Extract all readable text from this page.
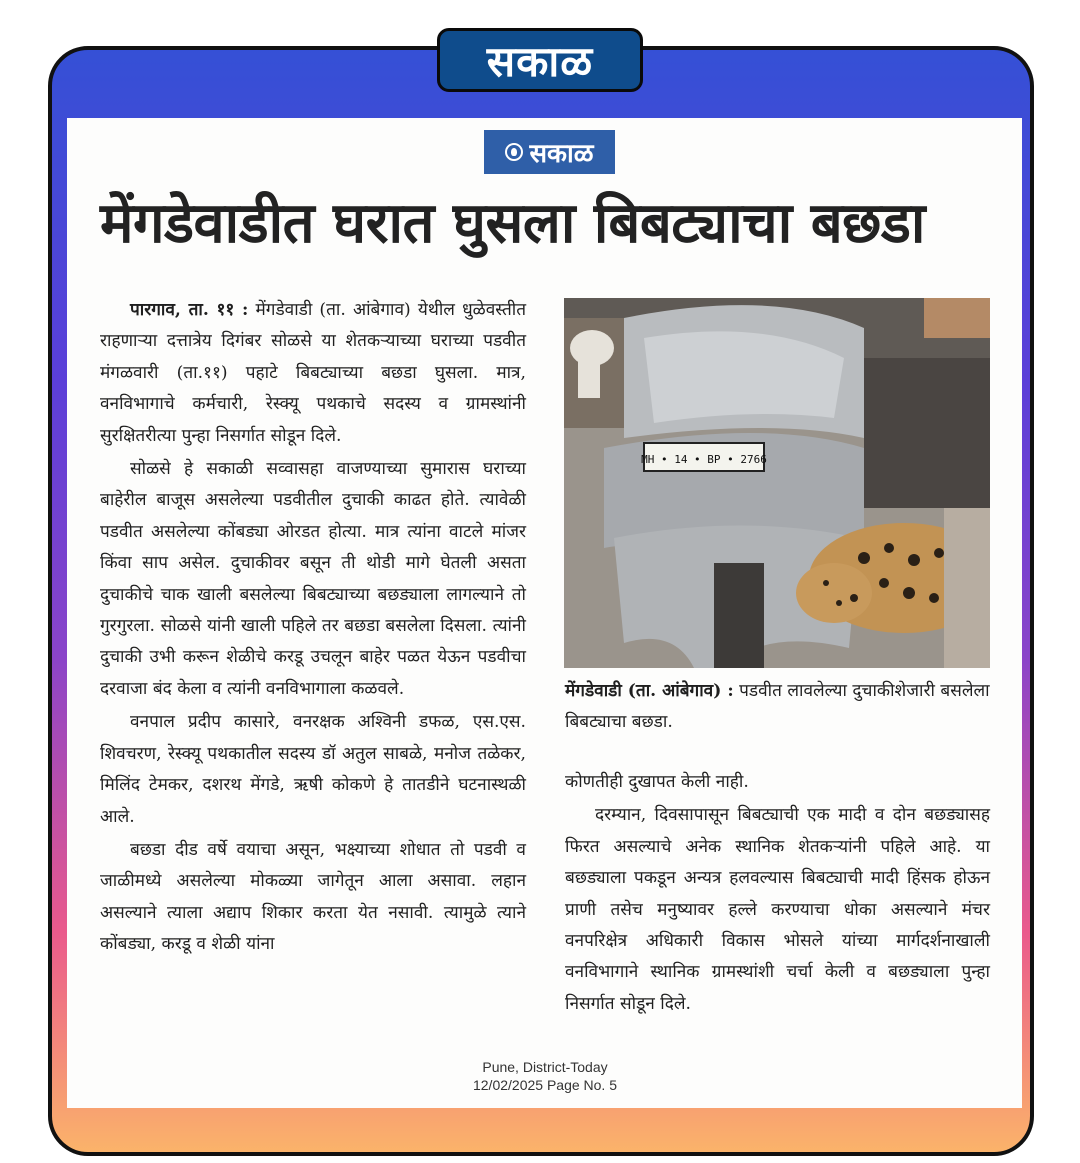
सकाळ
सकाळ
मेंगडेवाडीत घरात घुसला बिबट्याचा बछडा

पारगाव, ता. ११ : मेंगडेवाडी (ता. आंबेगाव) येथील धुळेवस्तीत राहणाऱ्या दत्तात्रेय दिगंबर सोळसे या शेतकऱ्याच्या घराच्या पडवीत मंगळवारी (ता.११) पहाटे बिबट्याच्या बछडा घुसला. मात्र, वनविभागाचे कर्मचारी, रेस्क्यू पथकाचे सदस्य व ग्रामस्थांनी सुरक्षितरीत्या पुन्हा निसर्गात सोडून दिले.

सोळसे हे सकाळी सव्वासहा वाजण्याच्या सुमारास घराच्या बाहेरील बाजूस असलेल्या पडवीतील दुचाकी काढत होते. त्यावेळी पडवीत असलेल्या कोंबड्या ओरडत होत्या. मात्र त्यांना वाटले मांजर किंवा साप असेल. दुचाकीवर बसून ती थोडी मागे घेतली असता दुचाकीचे चाक खाली बसलेल्या बिबट्याच्या बछड्याला लागल्याने तो गुरगुरला. सोळसे यांनी खाली पहिले तर बछडा बसलेला दिसला. त्यांनी दुचाकी उभी करून शेळीचे करडू उचलून बाहेर पळत येऊन पडवीचा दरवाजा बंद केला व त्यांनी वनविभागाला कळवले.

वनपाल प्रदीप कासारे, वनरक्षक अश्विनी डफळ, एस.एस. शिवचरण, रेस्क्यू पथकातील सदस्य डॉ अतुल साबळे, मनोज तळेकर, मिलिंद टेमकर, दशरथ मेंगडे, ऋषी कोकणे हे तातडीने घटनास्थळी आले.

बछडा दीड वर्षे वयाचा असून, भक्ष्याच्या शोधात तो पडवी व जाळीमध्ये असलेल्या मोकळ्या जागेतून आला असावा. लहान असल्याने त्याला अद्याप शिकार करता येत नसावी. त्यामुळे त्याने कोंबड्या, करडू व शेळी यांना

MH • 14 • BP • 2766
मेंगडेवाडी (ता. आंबेगाव) : पडवीत लावलेल्या दुचाकीशेजारी बसलेला बिबट्याचा बछडा.

कोणतीही दुखापत केली नाही.

दरम्यान, दिवसापासून बिबट्याची एक मादी व दोन बछड्यासह फिरत असल्याचे अनेक स्थानिक शेतकऱ्यांनी पहिले आहे. या बछड्याला पकडून अन्यत्र हलवल्यास बिबट्याची मादी हिंसक होऊन प्राणी तसेच मनुष्यावर हल्ले करण्याचा धोका असल्याने मंचर वनपरिक्षेत्र अधिकारी विकास भोसले यांच्या मार्गदर्शनाखाली वनविभागाने स्थानिक ग्रामस्थांशी चर्चा केली व बछड्याला पुन्हा निसर्गात सोडून दिले.

Pune, District-Today
12/02/2025 Page No. 5
